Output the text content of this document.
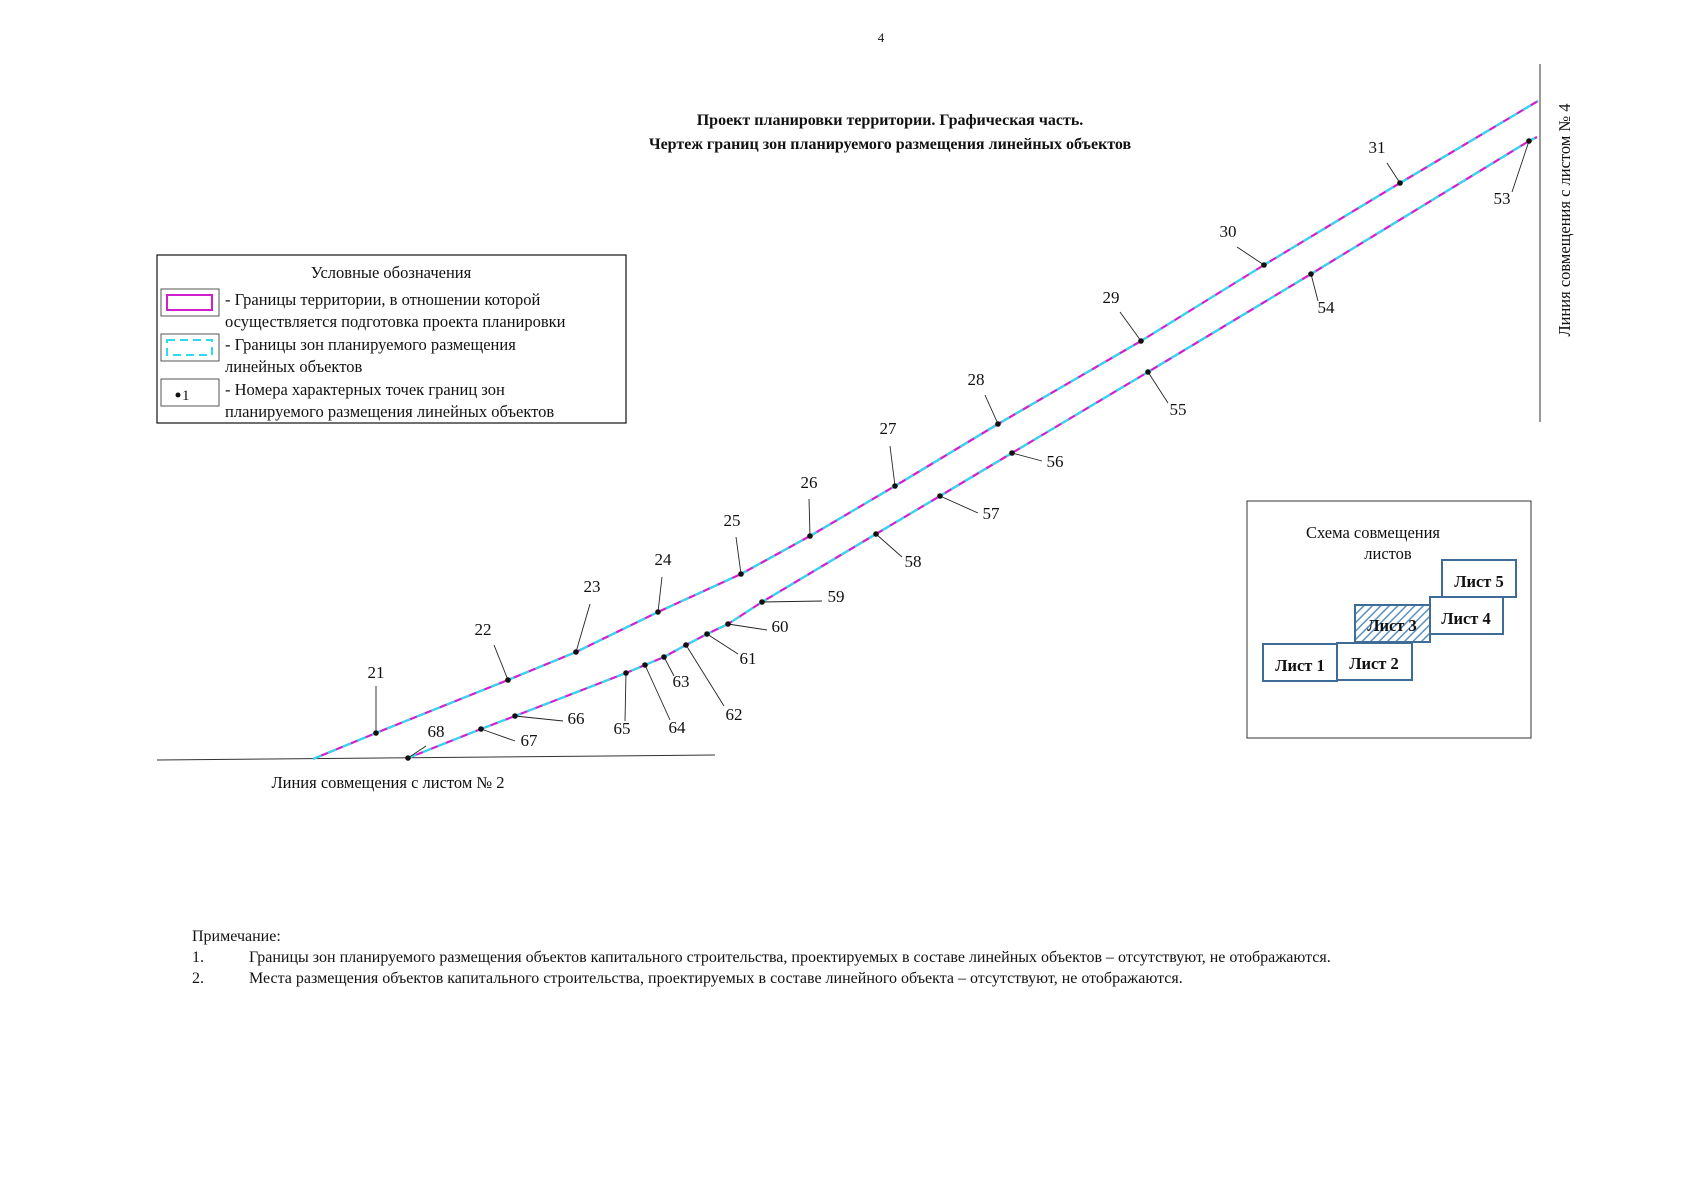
4
Проект планировки территории. Графическая часть.
Чертеж границ зон планируемого размещения линейных объектов
Условные обозначения
- Границы территории, в отношении которой
осуществляется подготовка проекта планировки
- Границы зон планируемого размещения
линейных объектов
1 - Номера характерных точек границ зон
планируемого размещения линейных объектов
Линия совмещения с листом № 2
Линия совмещения с листом № 4
21
22
23
24
25
26
27
28
29
30
31
53
54
55
56
57
58
59
60
61
62
63
64
65
66
67
68
Схема совмещения
листов
Лист 1 Лист 2
Лист 3 Лист 4
Лист 5
Примечание:
1.	Границы зон планируемого размещения объектов капитального строительства, проектируемых в составе линейных объектов – отсутствуют, не отображаются.
2.	Места размещения объектов капитального строительства, проектируемых в составе линейного объекта – отсутствуют, не отображаются.
